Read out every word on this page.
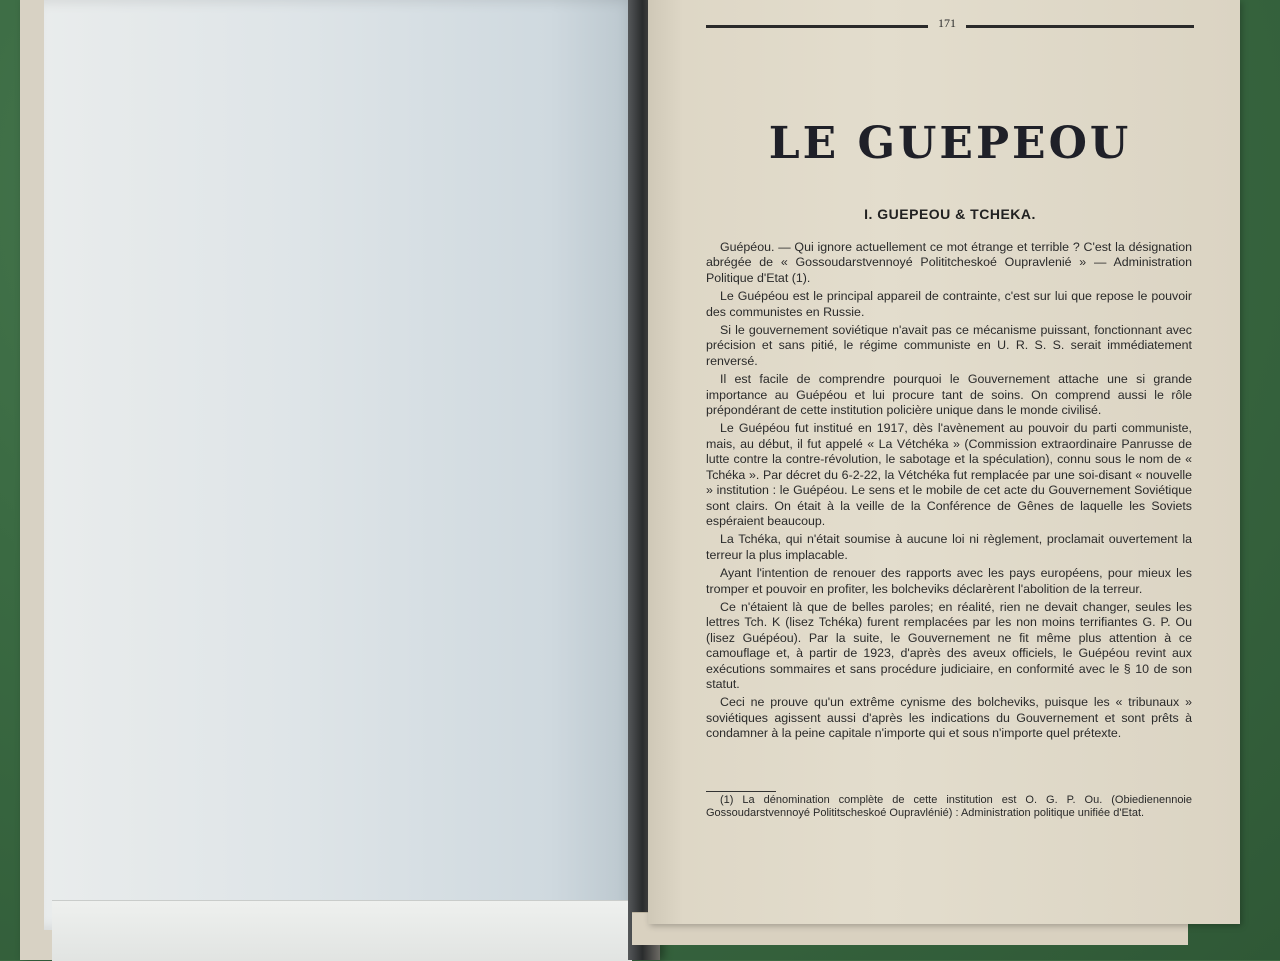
171
LE GUEPEOU
I. GUEPEOU & TCHEKA.

Guépéou. — Qui ignore actuellement ce mot étrange et terrible ? C'est la désignation abrégée de « Gossoudarstvennoyé Polititcheskoé Oupravlenié » — Administration Politique d'Etat (1).

Le Guépéou est le principal appareil de contrainte, c'est sur lui que repose le pouvoir des communistes en Russie.

Si le gouvernement soviétique n'avait pas ce mécanisme puissant, fonctionnant avec précision et sans pitié, le régime communiste en U. R. S. S. serait immédiatement renversé.

Il est facile de comprendre pourquoi le Gouvernement attache une si grande importance au Guépéou et lui procure tant de soins. On comprend aussi le rôle prépondérant de cette institution policière unique dans le monde civilisé.

Le Guépéou fut institué en 1917, dès l'avènement au pouvoir du parti communiste, mais, au début, il fut appelé « La Vétchéka » (Commission extraordinaire Panrusse de lutte contre la contre-révolution, le sabotage et la spéculation), connu sous le nom de « Tchéka ». Par décret du 6-2-22, la Vétchéka fut remplacée par une soi-disant « nouvelle » institution : le Guépéou. Le sens et le mobile de cet acte du Gouvernement Soviétique sont clairs. On était à la veille de la Conférence de Gênes de laquelle les Soviets espéraient beaucoup.

La Tchéka, qui n'était soumise à aucune loi ni règlement, proclamait ouvertement la terreur la plus implacable.

Ayant l'intention de renouer des rapports avec les pays européens, pour mieux les tromper et pouvoir en profiter, les bolcheviks déclarèrent l'abolition de la terreur.

Ce n'étaient là que de belles paroles; en réalité, rien ne devait changer, seules les lettres Tch. K (lisez Tchéka) furent remplacées par les non moins terrifiantes G. P. Ou (lisez Guépéou). Par la suite, le Gouvernement ne fit même plus attention à ce camouflage et, à partir de 1923, d'après des aveux officiels, le Guépéou revint aux exécutions sommaires et sans procédure judiciaire, en conformité avec le § 10 de son statut.

Ceci ne prouve qu'un extrême cynisme des bolcheviks, puisque les « tribunaux » soviétiques agissent aussi d'après les indications du Gouvernement et sont prêts à condamner à la peine capitale n'importe qui et sous n'importe quel prétexte.

(1) La dénomination complète de cette institution est O. G. P. Ou. (Obiedienennoie Gossoudarstvennoyé Polititscheskoé Oupravlénié) : Administration politique unifiée d'Etat.
